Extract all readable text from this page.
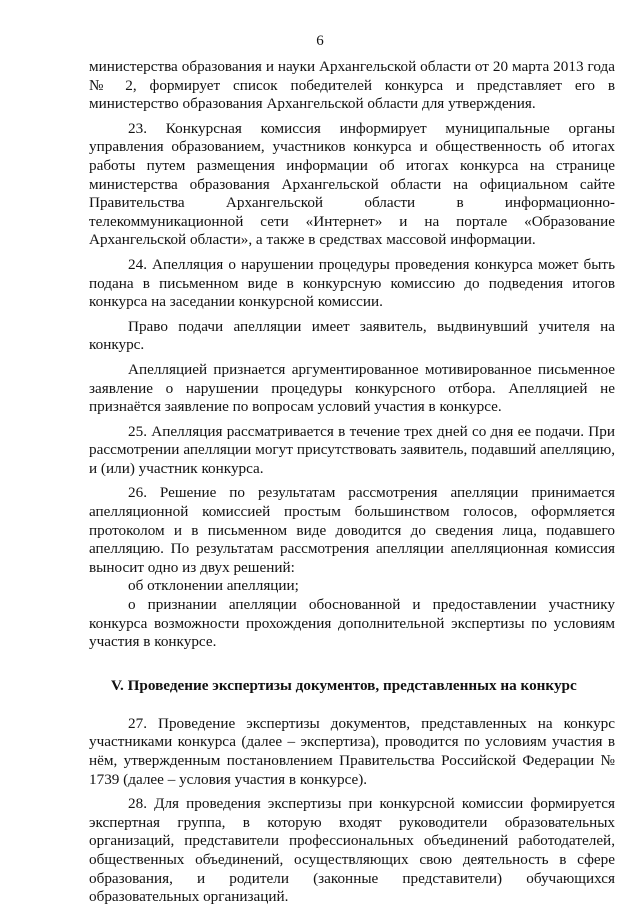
6

министерства образования и науки Архангельской области от 20 марта 2013 года № 2, формирует список победителей конкурса и представляет его в министерство образования Архангельской области для утверждения.

23. Конкурсная комиссия информирует муниципальные органы управления образованием, участников конкурса и общественность об итогах работы путем размещения информации об итогах конкурса на странице министерства образования Архангельской области на официальном сайте Правительства Архангельской области в информационно-телекоммуникационной сети «Интернет» и на портале «Образование Архангельской области», а также в средствах массовой информации.

24. Апелляция о нарушении процедуры проведения конкурса может быть подана в письменном виде в конкурсную комиссию до подведения итогов конкурса на заседании конкурсной комиссии.

Право подачи апелляции имеет заявитель, выдвинувший учителя на конкурс.

Апелляцией признается аргументированное мотивированное письменное заявление о нарушении процедуры конкурсного отбора. Апелляцией не признаётся заявление по вопросам условий участия в конкурсе.

25. Апелляция рассматривается в течение трех дней со дня ее подачи. При рассмотрении апелляции могут присутствовать заявитель, подавший апелляцию, и (или) участник конкурса.

26. Решение по результатам рассмотрения апелляции принимается апелляционной комиссией простым большинством голосов, оформляется протоколом и в письменном виде доводится до сведения лица, подавшего апелляцию. По результатам рассмотрения апелляции апелляционная комиссия выносит одно из двух решений:

об отклонении апелляции;

о признании апелляции обоснованной и предоставлении участнику конкурса возможности прохождения дополнительной экспертизы по условиям участия в конкурсе.

V. Проведение экспертизы документов, представленных на конкурс

27. Проведение экспертизы документов, представленных на конкурс участниками конкурса (далее – экспертиза), проводится по условиям участия в нём, утвержденным постановлением Правительства Российской Федерации № 1739 (далее – условия участия в конкурсе).

28. Для проведения экспертизы при конкурсной комиссии формируется экспертная группа, в которую входят руководители образовательных организаций, представители профессиональных объединений работодателей, общественных объединений, осуществляющих свою деятельность в сфере образования, и родители (законные представители) обучающихся образовательных организаций.
